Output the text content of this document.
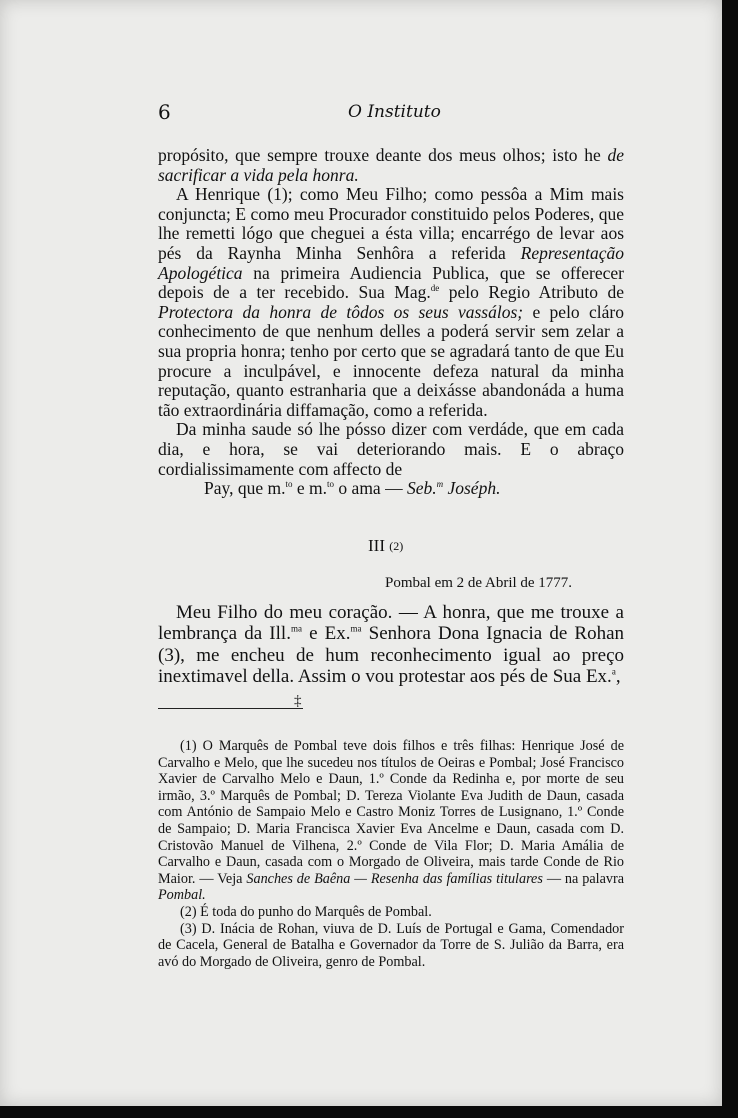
6	O Instituto

propósito, que sempre trouxe deante dos meus olhos; isto he de sacrificar a vida pela honra.

A Henrique (1); como Meu Filho; como pessôa a Mim mais conjuncta; E como meu Procurador constituido pelos Poderes, que lhe remetti lógo que cheguei a ésta villa; encarrégo de levar aos pés da Raynha Minha Senhôra a referida Representação Apologética na primeira Audiencia Publica, que se offerecer depois de a ter recebido. Sua Mag.$^{de}$ pelo Regio Atributo de Protectora da honra de tôdos os seus vassálos; e pelo cláro conhecimento de que nenhum delles a poderá servir sem zelar a sua propria honra; tenho por certo que se agradará tanto de que Eu procure a inculpável, e innocente defeza natural da minha reputação, quanto estranharia que a deixásse abandonáda a huma tão extraordinária diffamação, como a referida.

Da minha saude só lhe pósso dizer com verdáde, que em cada dia, e hora, se vai deteriorando mais. E o abraço cordialissimamente com affecto de

Pay, que m.$^{to}$ e m.$^{to}$ o ama — Seb.$^m$ Joséph.

III (2)
Pombal em 2 de Abril de 1777.

Meu Filho do meu coração. — A honra, que me trouxe a lembrança da Ill.$^{ma}$ e Ex.$^{ma}$ Senhora Dona Ignacia de Rohan (3), me encheu de hum reconhecimento igual ao preço inextimavel della. Assim o vou protestar aos pés de Sua Ex.$^a$,

‡

(1) O Marquês de Pombal teve dois filhos e três filhas: Henrique José de Carvalho e Melo, que lhe sucedeu nos títulos de Oeiras e Pombal; José Francisco Xavier de Carvalho Melo e Daun, 1.º Conde da Redinha e, por morte de seu irmão, 3.º Marquês de Pombal; D. Tereza Violante Eva Judith de Daun, casada com António de Sampaio Melo e Castro Moniz Torres de Lusignano, 1.º Conde de Sampaio; D. Maria Francisca Xavier Eva Ancelme e Daun, casada com D. Cristovão Manuel de Vilhena, 2.º Conde de Vila Flor; D. Maria Amália de Carvalho e Daun, casada com o Morgado de Oliveira, mais tarde Conde de Rio Maior. — Veja Sanches de Baêna — Resenha das famílias titulares — na palavra Pombal.

(2) É toda do punho do Marquês de Pombal.

(3) D. Inácia de Rohan, viuva de D. Luís de Portugal e Gama, Comendador de Cacela, General de Batalha e Governador da Torre de S. Julião da Barra, era avó do Morgado de Oliveira, genro de Pombal.
